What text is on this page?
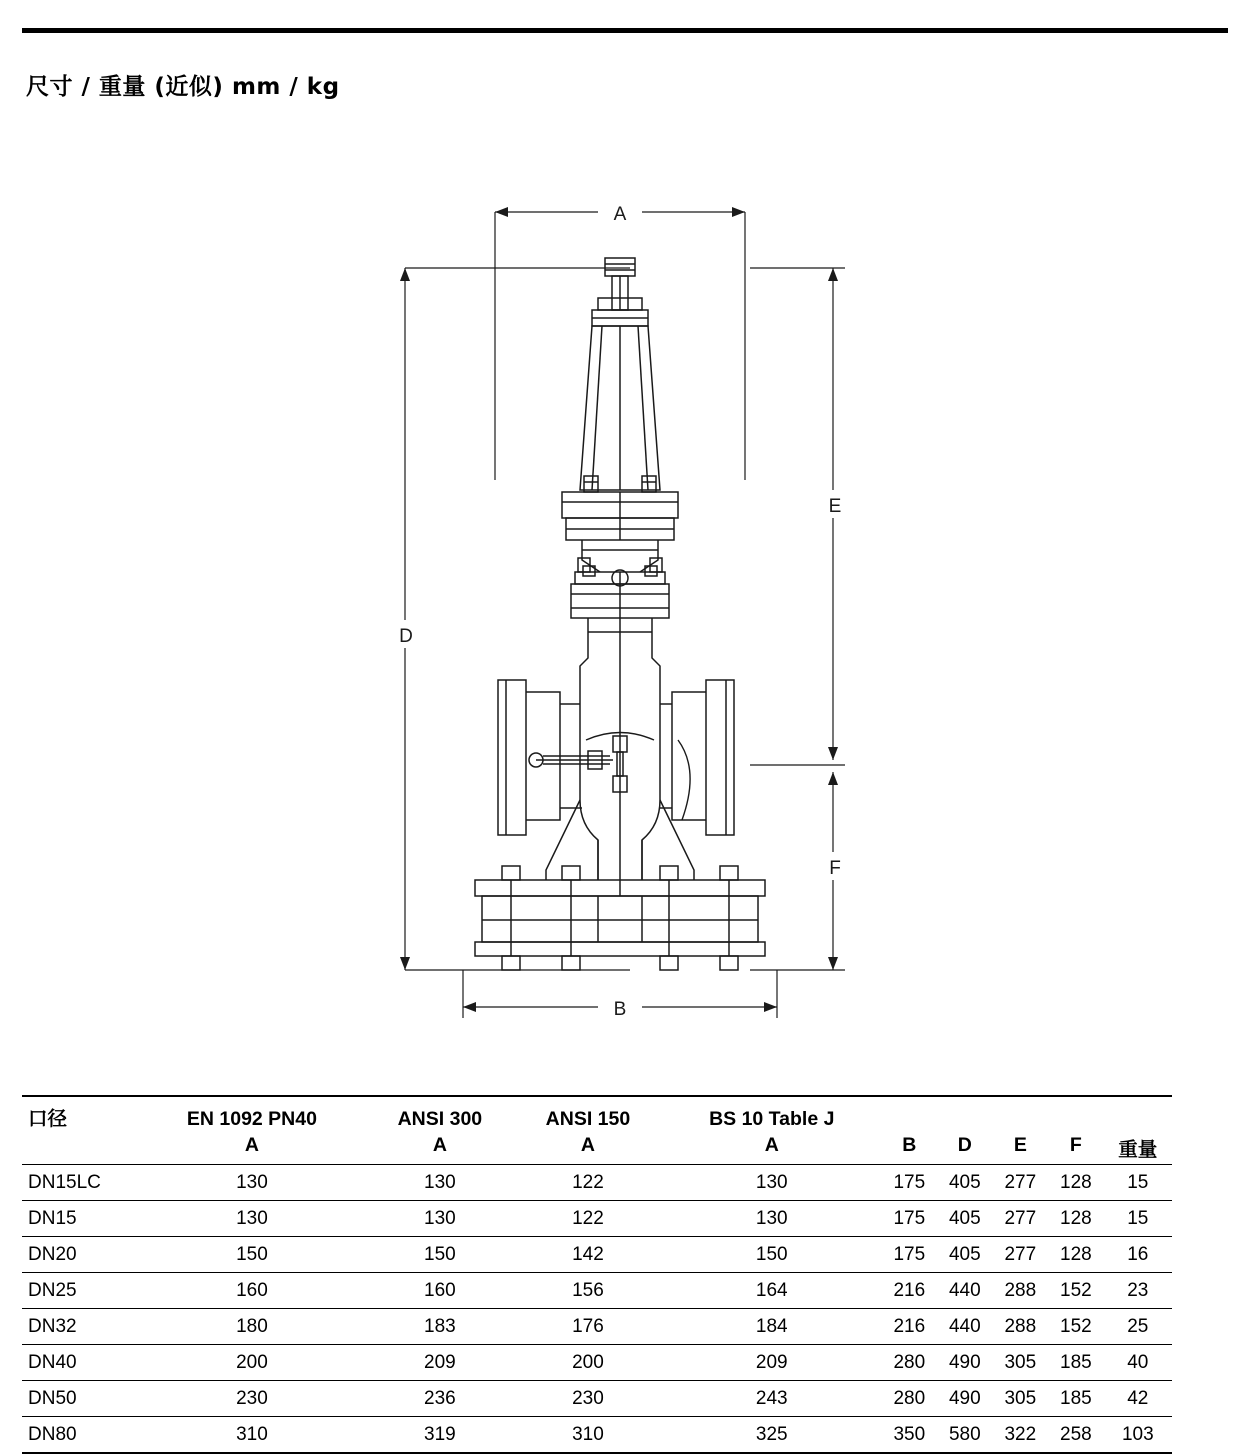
尺寸 / 重量 (近似) mm / kg
A
D
E
F
B
口径	EN 1092 PN40	ANSI 300	ANSI 150	BS 10 Table J					
	A	A	A	A	B	D	E	F	重量
DN15LC	130	130	122	130	175	405	277	128	15
DN15	130	130	122	130	175	405	277	128	15
DN20	150	150	142	150	175	405	277	128	16
DN25	160	160	156	164	216	440	288	152	23
DN32	180	183	176	184	216	440	288	152	25
DN40	200	209	200	209	280	490	305	185	40
DN50	230	236	230	243	280	490	305	185	42
DN80	310	319	310	325	350	580	322	258	103
